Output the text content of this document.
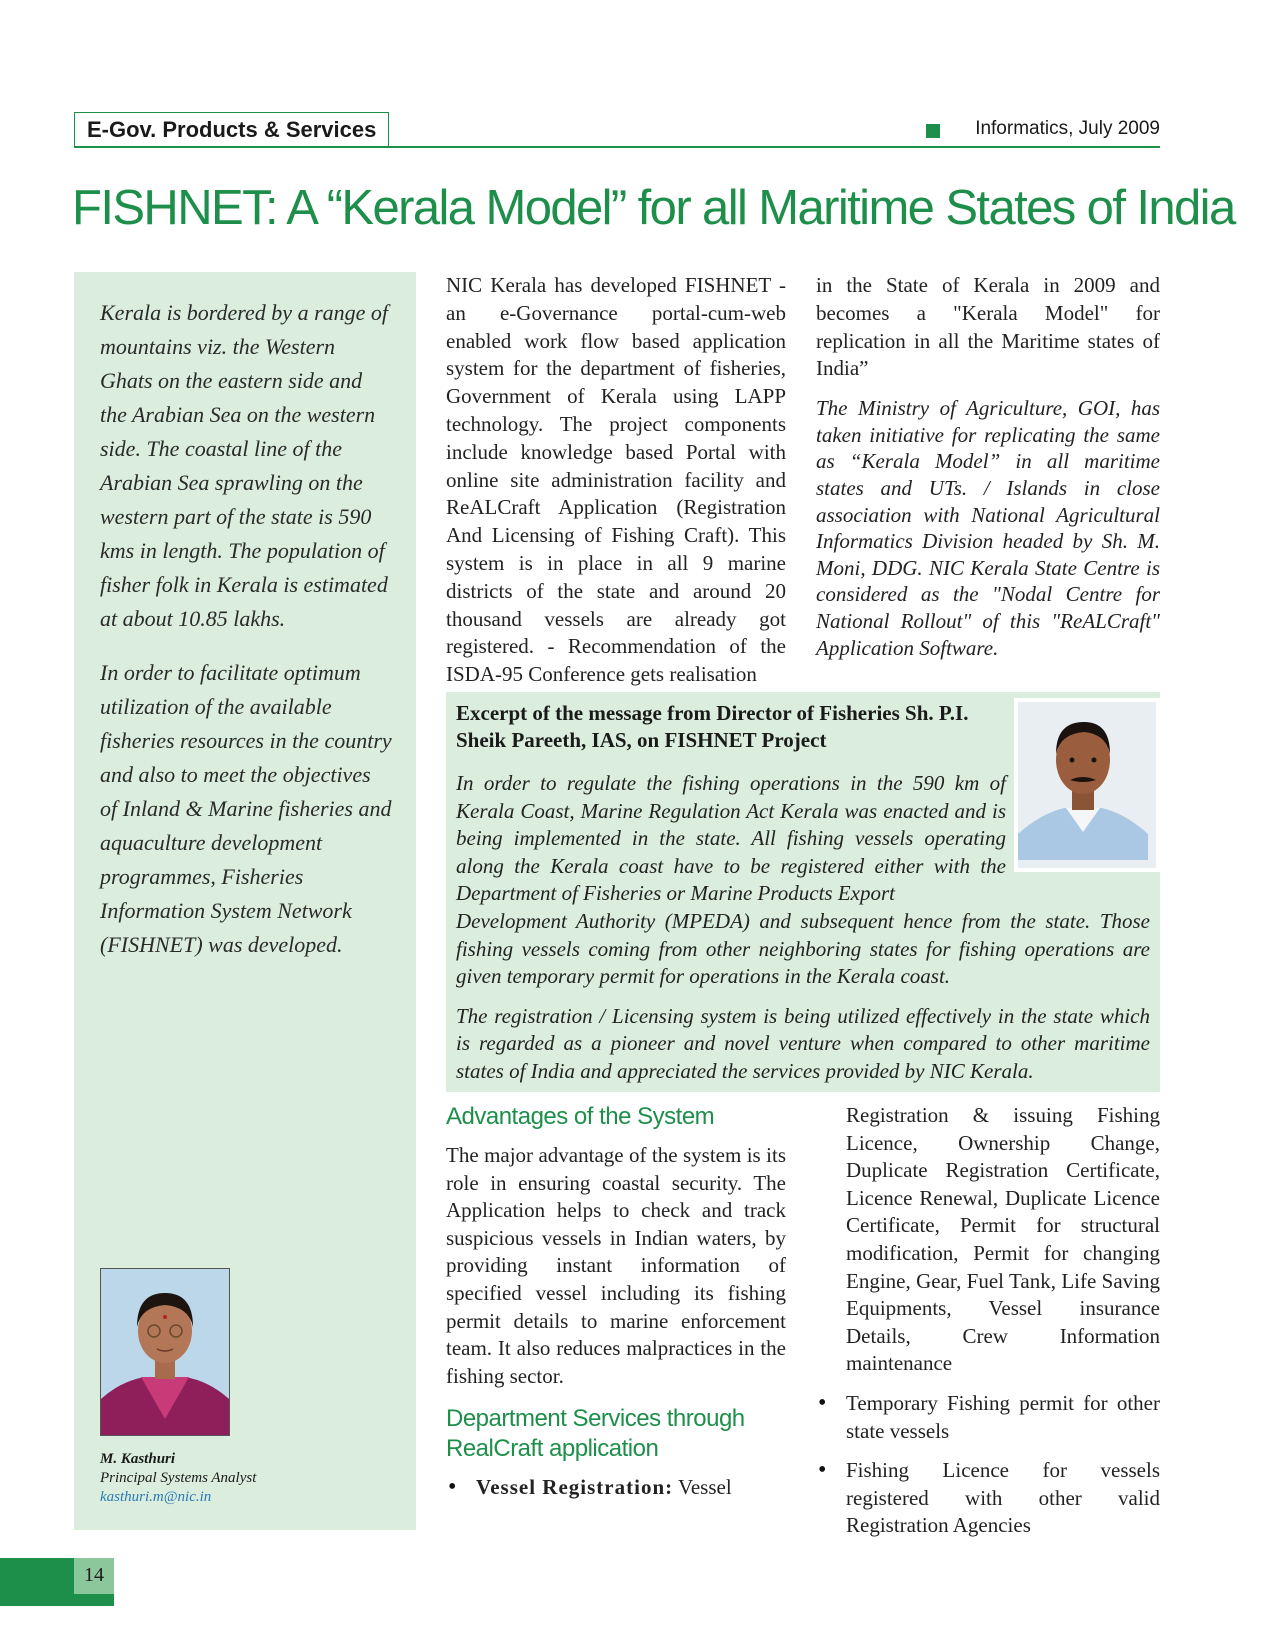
E-Gov. Products & Services	Informatics, July 2009
FISHNET: A “Kerala Model” for all Maritime States of India

Kerala is bordered by a range of mountains viz. the Western Ghats on the eastern side and the Arabian Sea on the western side. The coastal line of the Arabian Sea sprawling on the western part of the state is 590 kms in length. The population of fisher folk in Kerala is estimated at about 10.85 lakhs.

In order to facilitate optimum utilization of the available fisheries resources in the country and also to meet the objectives of Inland & Marine fisheries and aquaculture development programmes, Fisheries Information System Network (FISHNET) was developed.

M. Kasthuri
Principal Systems Analyst
kasthuri.m@nic.in

NIC Kerala has developed FISHNET - an e-Governance portal-cum-web enabled work flow based application system for the department of fisheries, Government of Kerala using LAPP technology. The project components include knowledge based Portal with online site administration facility and ReALCraft Application (Registration And Licensing of Fishing Craft). This system is in place in all 9 marine districts of the state and around 20 thousand vessels are already got registered. - Recommendation of the ISDA-95 Conference gets realisation

in the State of Kerala in 2009 and becomes a "Kerala Model" for replication in all the Maritime states of India”

The Ministry of Agriculture, GOI, has taken initiative for replicating the same as “Kerala Model” in all maritime states and UTs. / Islands in close association with National Agricultural Informatics Division headed by Sh. M. Moni, DDG. NIC Kerala State Centre is considered as the "Nodal Centre for National Rollout" of this "ReALCraft" Application Software.

Excerpt of the message from Director of Fisheries Sh. P.I. Sheik Pareeth, IAS, on FISHNET Project

In order to regulate the fishing operations in the 590 km of Kerala Coast, Marine Regulation Act Kerala was enacted and is being implemented in the state. All fishing vessels operating along the Kerala coast have to be registered either with the Department of Fisheries or Marine Products Export
Development Authority (MPEDA) and subsequent hence from the state. Those fishing vessels coming from other neighboring states for fishing operations are given temporary permit for operations in the Kerala coast.

The registration / Licensing system is being utilized effectively in the state which is regarded as a pioneer and novel venture when compared to other maritime states of India and appreciated the services provided by NIC Kerala.

Advantages of the System
The major advantage of the system is its role in ensuring coastal security. The Application helps to check and track suspicious vessels in Indian waters, by providing instant information of specified vessel including its fishing permit details to marine enforcement team. It also reduces malpractices in the fishing sector.
Department Services through RealCraft application
• Vessel Registration: Vessel
Registration & issuing Fishing Licence, Ownership Change, Duplicate Registration Certificate, Licence Renewal, Duplicate Licence Certificate, Permit for structural modification, Permit for changing Engine, Gear, Fuel Tank, Life Saving Equipments, Vessel insurance Details, Crew Information maintenance
• Temporary Fishing permit for other state vessels
• Fishing Licence for vessels registered with other valid Registration Agencies
14
